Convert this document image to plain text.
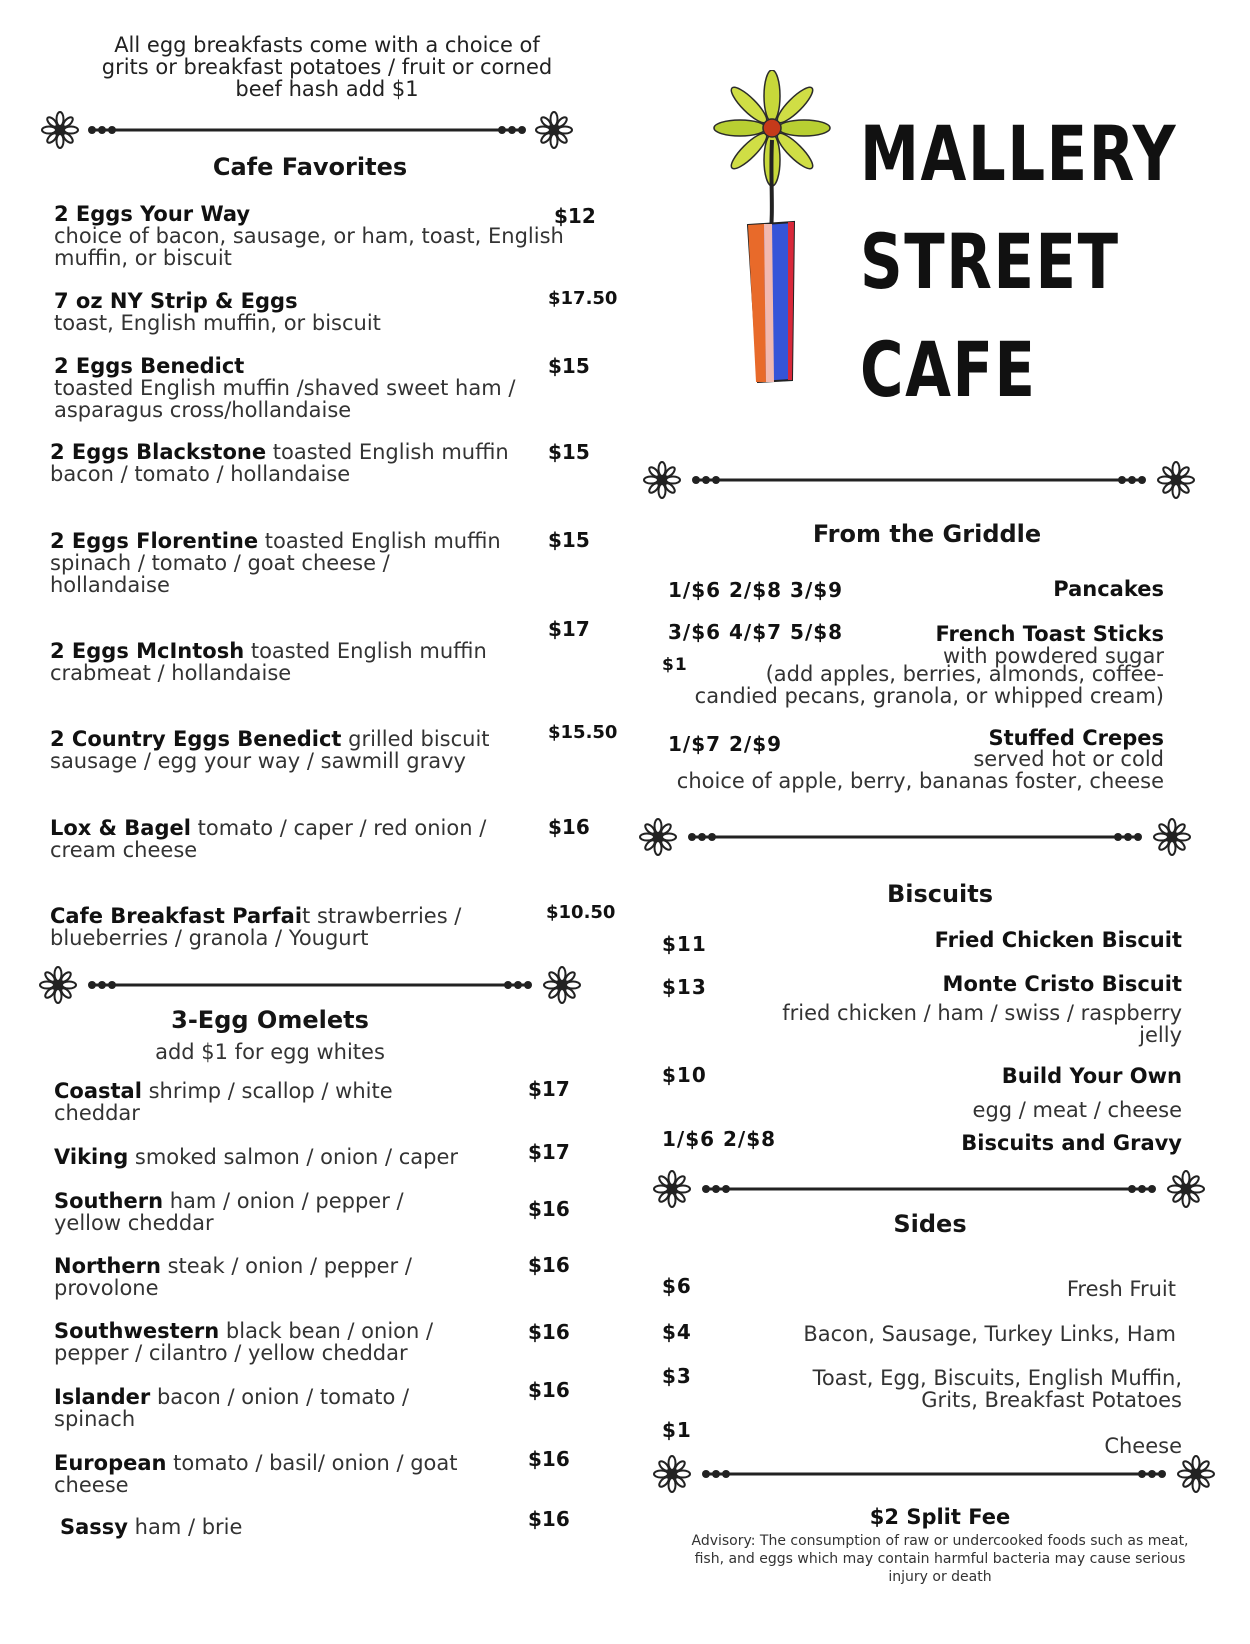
All egg breakfasts come with a choice of grits or breakfast potatoes / fruit or corned beef hash add $1
Cafe Favorites
2 Eggs Your Way
choice of bacon, sausage, or ham, toast, English muffin, or biscuit
$12
7 oz NY Strip & Eggs
toast, English muffin, or biscuit
$17.50
2 Eggs Benedict
toasted English muffin /shaved sweet ham / asparagus cross/hollandaise
$15
2 Eggs Blackstone toasted English muffin bacon / tomato / hollandaise
$15
2 Eggs Florentine toasted English muffin spinach / tomato / goat cheese / hollandaise
$15
2 Eggs McIntosh toasted English muffin crabmeat / hollandaise
$17
2 Country Eggs Benedict grilled biscuit sausage / egg your way / sawmill gravy
$15.50
Lox & Bagel tomato / caper / red onion / cream cheese
$16
Cafe Breakfast Parfait strawberries / blueberries / granola / Yougurt
$10.50
3-Egg Omelets
add $1 for egg whites
Coastal shrimp / scallop / white cheddar
$17
Viking smoked salmon / onion / caper	$17
Southern ham / onion / pepper / yellow cheddar
$16
Northern steak / onion / pepper / provolone
$16
Southwestern black bean / onion / pepper / cilantro / yellow cheddar
$16
Islander bacon / onion / tomato / spinach
$16
European tomato / basil/ onion / goat cheese
$16
Sassy ham / brie	$16
MALLERY
STREET
CAFE
From the Griddle
1/$6 2/$8 3/$9	Pancakes
3/$6 4/$7 5/$8	French Toast Sticks
with powdered sugar
$1	(add apples, berries, almonds, coffee-candied pecans, granola, or whipped cream)
1/$7 2/$9	Stuffed Crepes
served hot or cold
choice of apple, berry, bananas foster, cheese
Biscuits
$11	Fried Chicken Biscuit
$13	Monte Cristo Biscuit
fried chicken / ham / swiss / raspberry jelly
$10	Build Your Own
egg / meat / cheese
1/$6 2/$8	Biscuits and Gravy
Sides
$6	Fresh Fruit
$4	Bacon, Sausage, Turkey Links, Ham
$3	Toast, Egg, Biscuits, English Muffin, Grits, Breakfast Potatoes
$1
Cheese
$2 Split Fee
Advisory: The consumption of raw or undercooked foods such as meat, fish, and eggs which may contain harmful bacteria may cause serious injury or death
